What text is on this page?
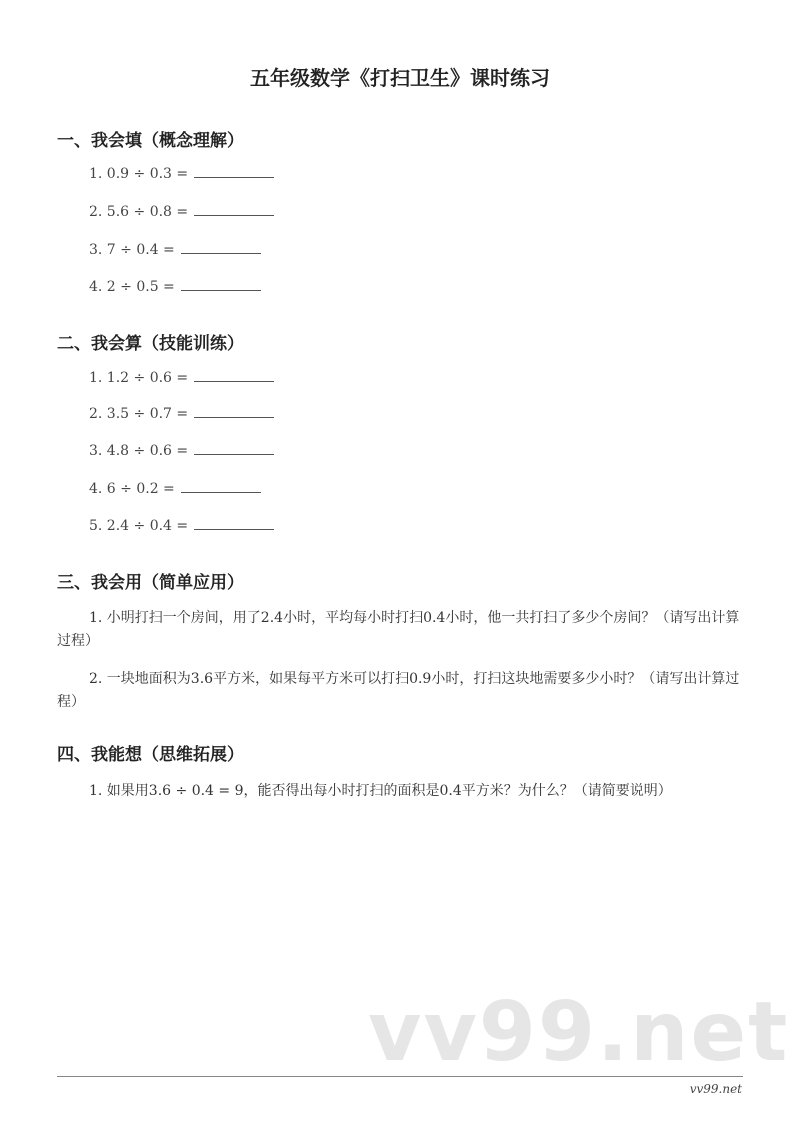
五年级数学《打扫卫生》课时练习
一、我会填（概念理解）
1. 0.9 ÷ 0.3 =
2. 5.6 ÷ 0.8 =
3. 7 ÷ 0.4 =
4. 2 ÷ 0.5 =
二、我会算（技能训练）
1. 1.2 ÷ 0.6 =
2. 3.5 ÷ 0.7 =
3. 4.8 ÷ 0.6 =
4. 6 ÷ 0.2 =
5. 2.4 ÷ 0.4 =
三、我会用（简单应用）
1. 小明打扫一个房间，用了2.4小时，平均每小时打扫0.4小时，他一共打扫了多少个房间？（请写出计算过程）
2. 一块地面积为3.6平方米，如果每平方米可以打扫0.9小时，打扫这块地需要多少小时？（请写出计算过程）
四、我能想（思维拓展）
1. 如果用3.6 ÷ 0.4 = 9，能否得出每小时打扫的面积是0.4平方米？为什么？（请简要说明）
vv99.net
vv99.net
